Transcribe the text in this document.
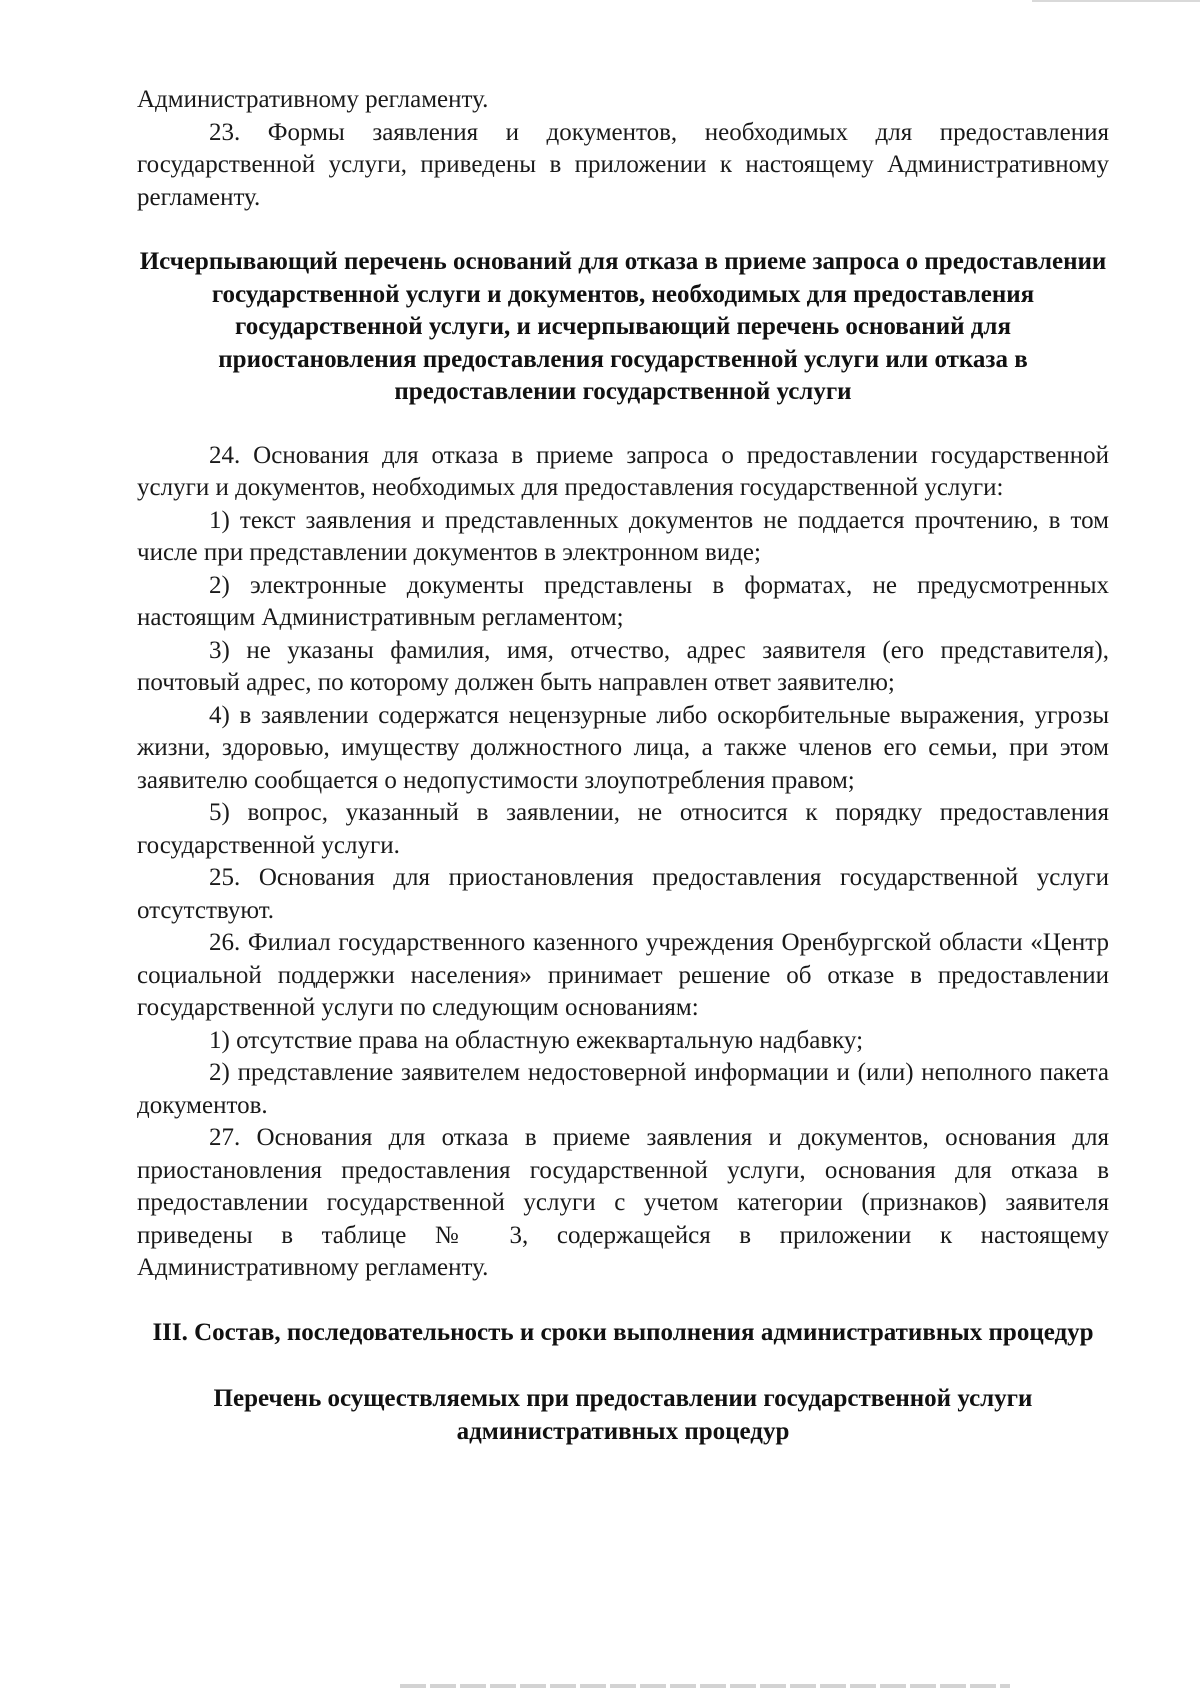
Административному регламенту.

23. Формы заявления и документов, необходимых для предоставления государственной услуги, приведены в приложении к настоящему Административному регламенту.

Исчерпывающий перечень оснований для отказа в приеме запроса о предоставлении государственной услуги и документов, необходимых для предоставления государственной услуги, и исчерпывающий перечень оснований для приостановления предоставления государственной услуги или отказа в предоставлении государственной услуги

24. Основания для отказа в приеме запроса о предоставлении государственной услуги и документов, необходимых для предоставления государственной услуги:

1) текст заявления и представленных документов не поддается прочтению, в том числе при представлении документов в электронном виде;

2) электронные документы представлены в форматах, не предусмотренных настоящим Административным регламентом;

3) не указаны фамилия, имя, отчество, адрес заявителя (его представителя), почтовый адрес, по которому должен быть направлен ответ заявителю;

4) в заявлении содержатся нецензурные либо оскорбительные выражения, угрозы жизни, здоровью, имуществу должностного лица, а также членов его семьи, при этом заявителю сообщается о недопустимости злоупотребления правом;

5) вопрос, указанный в заявлении, не относится к порядку предоставления государственной услуги.

25. Основания для приостановления предоставления государственной услуги отсутствуют.

26. Филиал государственного казенного учреждения Оренбургской области «Центр социальной поддержки населения» принимает решение об отказе в предоставлении государственной услуги по следующим основаниям:

1) отсутствие права на областную ежеквартальную надбавку;

2) представление заявителем недостоверной информации и (или) неполного пакета документов.

27. Основания для отказа в приеме заявления и документов, основания для приостановления предоставления государственной услуги, основания для отказа в предоставлении государственной услуги с учетом категории (признаков) заявителя приведены в таблице № 3, содержащейся в приложении к настоящему Административному регламенту.

III. Состав, последовательность и сроки выполнения административных процедур

Перечень осуществляемых при предоставлении государственной услуги административных процедур
